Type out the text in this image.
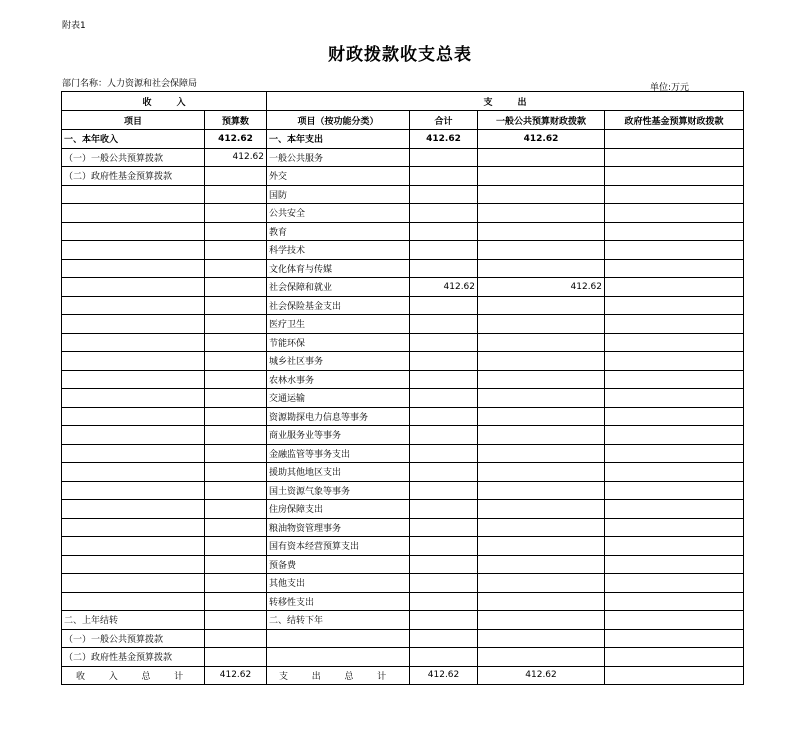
附表1
财政拨款收支总表
部门名称：人力资源和社会保障局	单位:万元
收        入		支        出			
项目	预算数	项目（按功能分类）	合计	一般公共预算财政拨款	政府性基金预算财政拨款
一、本年收入	412.62	一、本年支出	412.62	412.62	
（一）一般公共预算拨款	412.62	一般公共服务			
（二）政府性基金预算拨款		外交			
		国防			
		公共安全			
		教育			
		科学技术			
		文化体育与传媒			
		社会保障和就业	412.62	412.62	
		社会保险基金支出			
		医疗卫生			
		节能环保			
		城乡社区事务			
		农林水事务			
		交通运输			
		资源勘探电力信息等事务			
		商业服务业等事务			
		金融监管等事务支出			
		援助其他地区支出			
		国土资源气象等事务			
		住房保障支出			
		粮油物资管理事务			
		国有资本经营预算支出			
		预备费			
		其他支出			
		转移性支出			
二、上年结转		二、结转下年			
（一）一般公共预算拨款					
（二）政府性基金预算拨款					
收  入  总  计	412.62	支  出  总  计	412.62	412.62	
